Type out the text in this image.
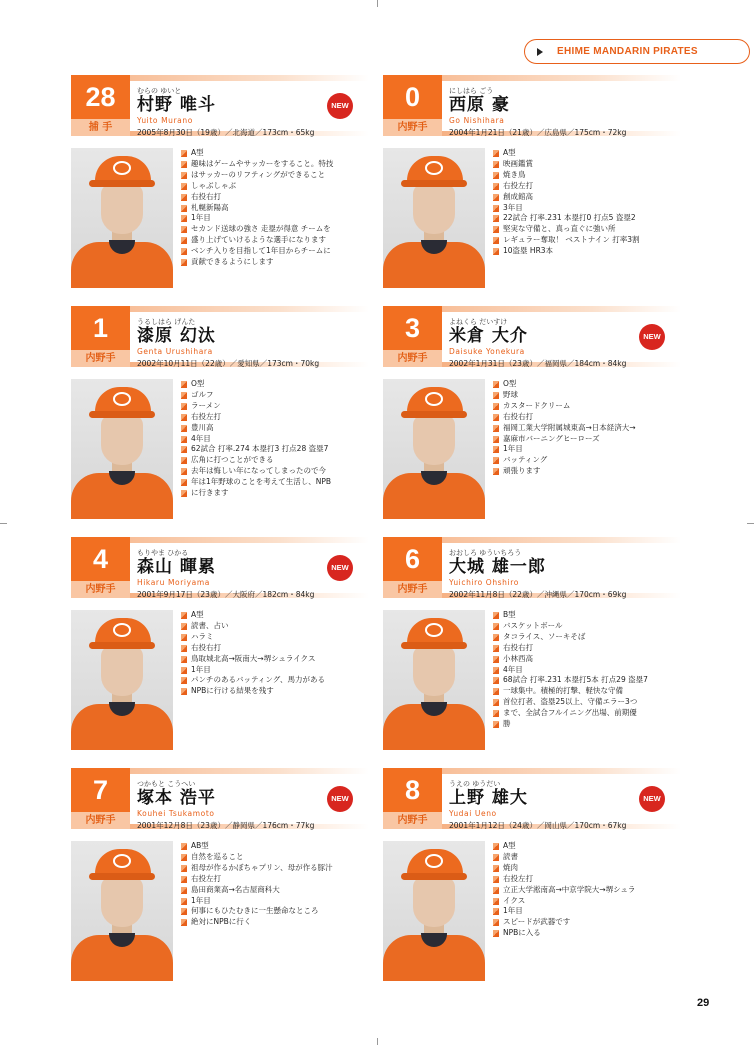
EHIME MANDARIN PIRATES
28
捕 手
むらの ゆいと
村野 唯斗
Yuito Murano
2005年8月30日（19歳）／北海道／173cm・65kg
NEW
A型
趣味はゲームやサッカーをすること。特技
はサッカーのリフティングができること
しゃぶしゃぶ
右投右打
札幌新陽高
1年目
セカンド送球の強さ 走塁が得意 チームを
盛り上げていけるような選手になります
ベンチ入りを目指して1年目からチームに
貢献できるようにします
0
内野手
にしはら ごう
西原 豪
Go Nishihara
2004年1月21日（21歳）／広島県／175cm・72kg
A型
映画鑑賞
焼き鳥
右投左打
創成館高
3年目
22試合 打率.231 本塁打0 打点5 盗塁2
堅実な守備と、真っ直ぐに強い所
レギュラー奪取！ ベストナイン 打率3割
10盗塁 HR3本
1
内野手
うるしはら げんた
漆原 幻汰
Genta Urushihara
2002年10月11日（22歳）／愛知県／173cm・70kg
O型
ゴルフ
ラーメン
右投左打
豊川高
4年目
62試合 打率.274 本塁打3 打点28 盗塁7
広角に打つことができる
去年は悔しい年になってしまったので今
年は1年野球のことを考えて生活し、NPB
に行きます
3
内野手
よねくら だいすけ
米倉 大介
Daisuke Yonekura
2002年1月31日（23歳）／福岡県／184cm・84kg
NEW
O型
野球
カスタードクリーム
右投右打
福岡工業大学附属城東高→日本経済大→
嘉麻市バーニングヒーローズ
1年目
バッティング
頑張ります
4
内野手
もりやま ひかる
森山 暉累
Hikaru Moriyama
2001年9月17日（23歳）／大阪府／182cm・84kg
NEW
A型
読書、占い
ハラミ
右投右打
鳥取城北高→阪南大→堺シュライクス
1年目
パンチのあるバッティング、馬力がある
NPBに行ける結果を残す
6
内野手
おおしろ ゆういちろう
大城 雄一郎
Yuichiro Ohshiro
2002年11月8日（22歳）／沖縄県／170cm・69kg
B型
バスケットボール
タコライス、ソーキそば
右投右打
小林西高
4年目
68試合 打率.231 本塁打5本 打点29 盗塁7
一球集中。積極的打撃、軽快な守備
首位打者、盗塁25以上、守備エラー3つ
まで、全試合フルイニング出場、前期優
勝
7
内野手
つかもと こうへい
塚本 浩平
Kouhei Tsukamoto
2001年12月8日（23歳）／静岡県／176cm・77kg
NEW
AB型
自然を巡ること
祖母が作るかぼちゃプリン、母が作る豚汁
右投左打
島田商業高→名古屋商科大
1年目
何事にもひたむきに一生懸命なところ
絶対にNPBに行く
8
内野手
うえの ゆうだい
上野 雄大
Yudai Ueno
2001年1月12日（24歳）／岡山県／170cm・67kg
NEW
A型
読書
焼肉
右投左打
立正大学淞南高→中京学院大→堺シュラ
イクス
1年目
スピードが武器です
NPBに入る
29
